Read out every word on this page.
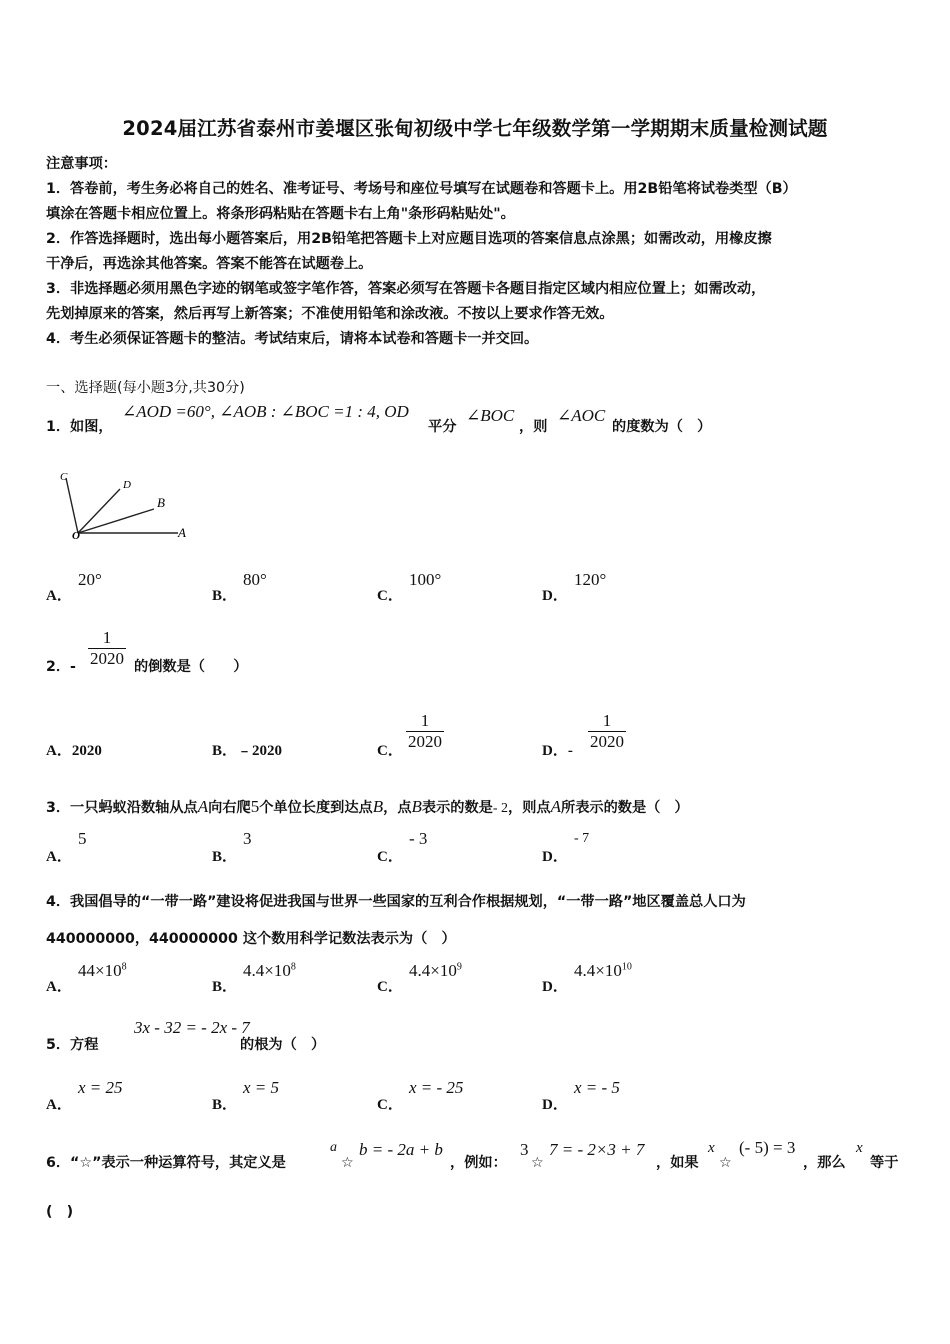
2024届江苏省泰州市姜堰区张甸初级中学七年级数学第一学期期末质量检测试题
注意事项：
1．答卷前，考生务必将自己的姓名、准考证号、考场号和座位号填写在试题卷和答题卡上。用2B铅笔将试卷类型（B）
填涂在答题卡相应位置上。将条形码粘贴在答题卡右上角"条形码粘贴处"。
2．作答选择题时，选出每小题答案后，用2B铅笔把答题卡上对应题目选项的答案信息点涂黑；如需改动，用橡皮擦
干净后，再选涂其他答案。答案不能答在试题卷上。
3．非选择题必须用黑色字迹的钢笔或签字笔作答，答案必须写在答题卡各题目指定区域内相应位置上；如需改动，
先划掉原来的答案，然后再写上新答案；不准使用铅笔和涂改液。不按以上要求作答无效。
4．考生必须保证答题卡的整洁。考试结束后，请将本试卷和答题卡一并交回。
一、选择题(每小题3分,共30分)
1．如图，
∠AOD =60°, ∠AOB : ∠BOC =1 : 4, OD
平分
∠BOC
，则
∠AOC
的度数为（　）
C
D
B
O	A
A．
20°
B．
80°
C．
100°
D．
120°
2．- $\frac{1}{2020}$ 的倒数是（　　）
A．2020	B．﹣2020	C． $\frac{1}{2020}$	D．- $\frac{1}{2020}$
3．一只蚂蚁沿数轴从点A向右爬5个单位长度到达点B，点B表示的数是- 2，则点A所表示的数是（　）
A．
5
B．
3
C．
- 3
D．
- 7
4．我国倡导的“一带一路”建设将促进我国与世界一些国家的互利合作根据规划，“一带一路”地区覆盖总人口为
440000000，440000000 这个数用科学记数法表示为（　）
A．
$44\times 10^8$
B．
$4.4\times 10^8$
C．
$4.4\times 10^9$
D．
$4.4\times 10^{10}$
5．方程
3x - 32 = - 2x - 7
的根为（　）
A．
x = 25
B．
x = 5
C．
x = - 25
D．
x = - 5
6．“☆”表示一种运算符号，其定义是
a
☆
b = - 2a + b
，例如：
3
☆
7 = - 2×3 + 7
，如果
x
☆
(- 5) = 3
，那么
x
等于
(　)
